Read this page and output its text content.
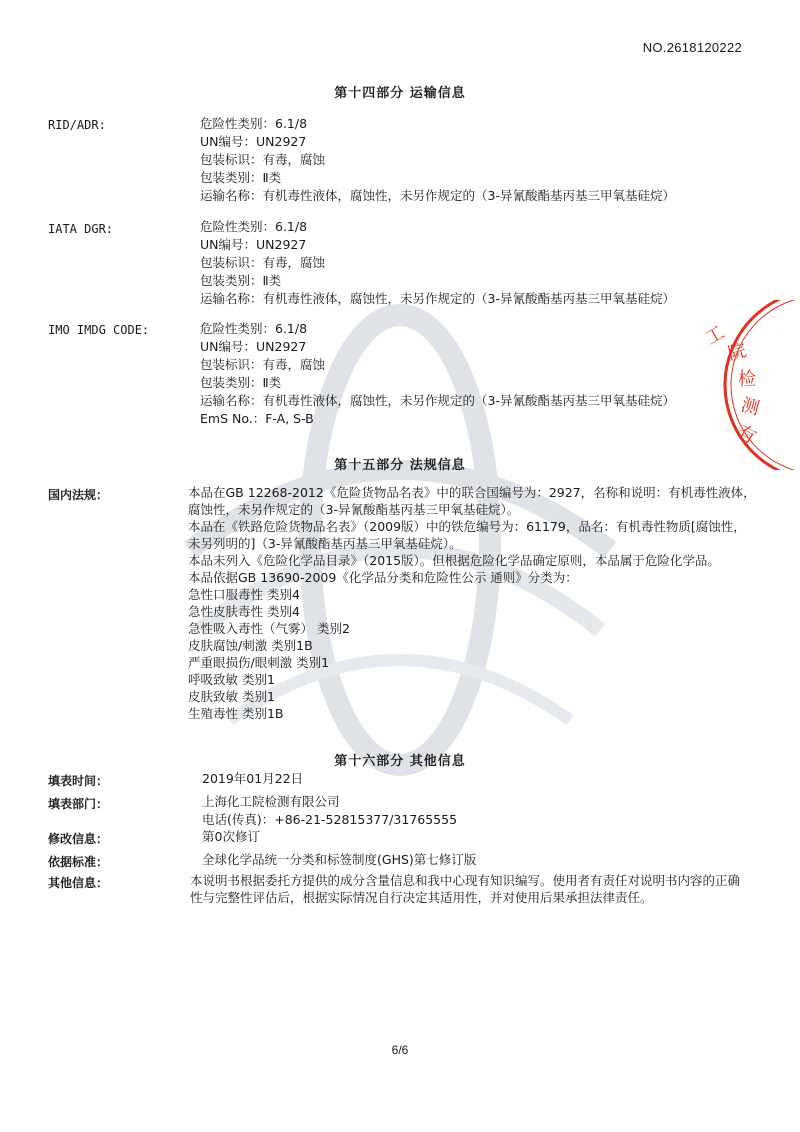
工
院
检
测
有
NO.2618120222
第十四部分 运输信息
RID/ADR:	危险性类别：6.1/8
UN编号：UN2927
包装标识：有毒，腐蚀
包装类别：Ⅱ类
运输名称：有机毒性液体，腐蚀性，未另作规定的（3-异氰酸酯基丙基三甲氧基硅烷）
IATA DGR:	危险性类别：6.1/8
UN编号：UN2927
包装标识：有毒，腐蚀
包装类别：Ⅱ类
运输名称：有机毒性液体，腐蚀性，未另作规定的（3-异氰酸酯基丙基三甲氧基硅烷）
IMO IMDG CODE:	危险性类别：6.1/8
UN编号：UN2927
包装标识：有毒，腐蚀
包装类别：Ⅱ类
运输名称：有机毒性液体，腐蚀性，未另作规定的（3-异氰酸酯基丙基三甲氧基硅烷）
EmS No.：F-A, S-B
第十五部分 法规信息
国内法规：	本品在GB 12268-2012《危险货物品名表》中的联合国编号为：2927，名称和说明：有机毒性液体，腐蚀性，未另作规定的（3-异氰酸酯基丙基三甲氧基硅烷）。
本品在《铁路危险货物品名表》（2009版）中的铁危编号为：61179，品名：有机毒性物质[腐蚀性，未另列明的]（3-异氰酸酯基丙基三甲氧基硅烷）。
本品未列入《危险化学品目录》（2015版）。但根据危险化学品确定原则，本品属于危险化学品。
本品依据GB 13690-2009《化学品分类和危险性公示 通则》分类为：
急性口服毒性 类别4
急性皮肤毒性 类别4
急性吸入毒性（气雾） 类别2
皮肤腐蚀/刺激 类别1B
严重眼损伤/眼刺激 类别1
呼吸致敏 类别1
皮肤致敏 类别1
生殖毒性 类别1B
第十六部分 其他信息
填表时间：	2019年01月22日
填表部门：	上海化工院检测有限公司
电话(传真)：+86-21-52815377/31765555
修改信息：	第0次修订
依据标准：	全球化学品统一分类和标签制度(GHS)第七修订版
其他信息：	本说明书根据委托方提供的成分含量信息和我中心现有知识编写。使用者有责任对说明书内容的正确性与完整性评估后，根据实际情况自行决定其适用性，并对使用后果承担法律责任。
6/6
